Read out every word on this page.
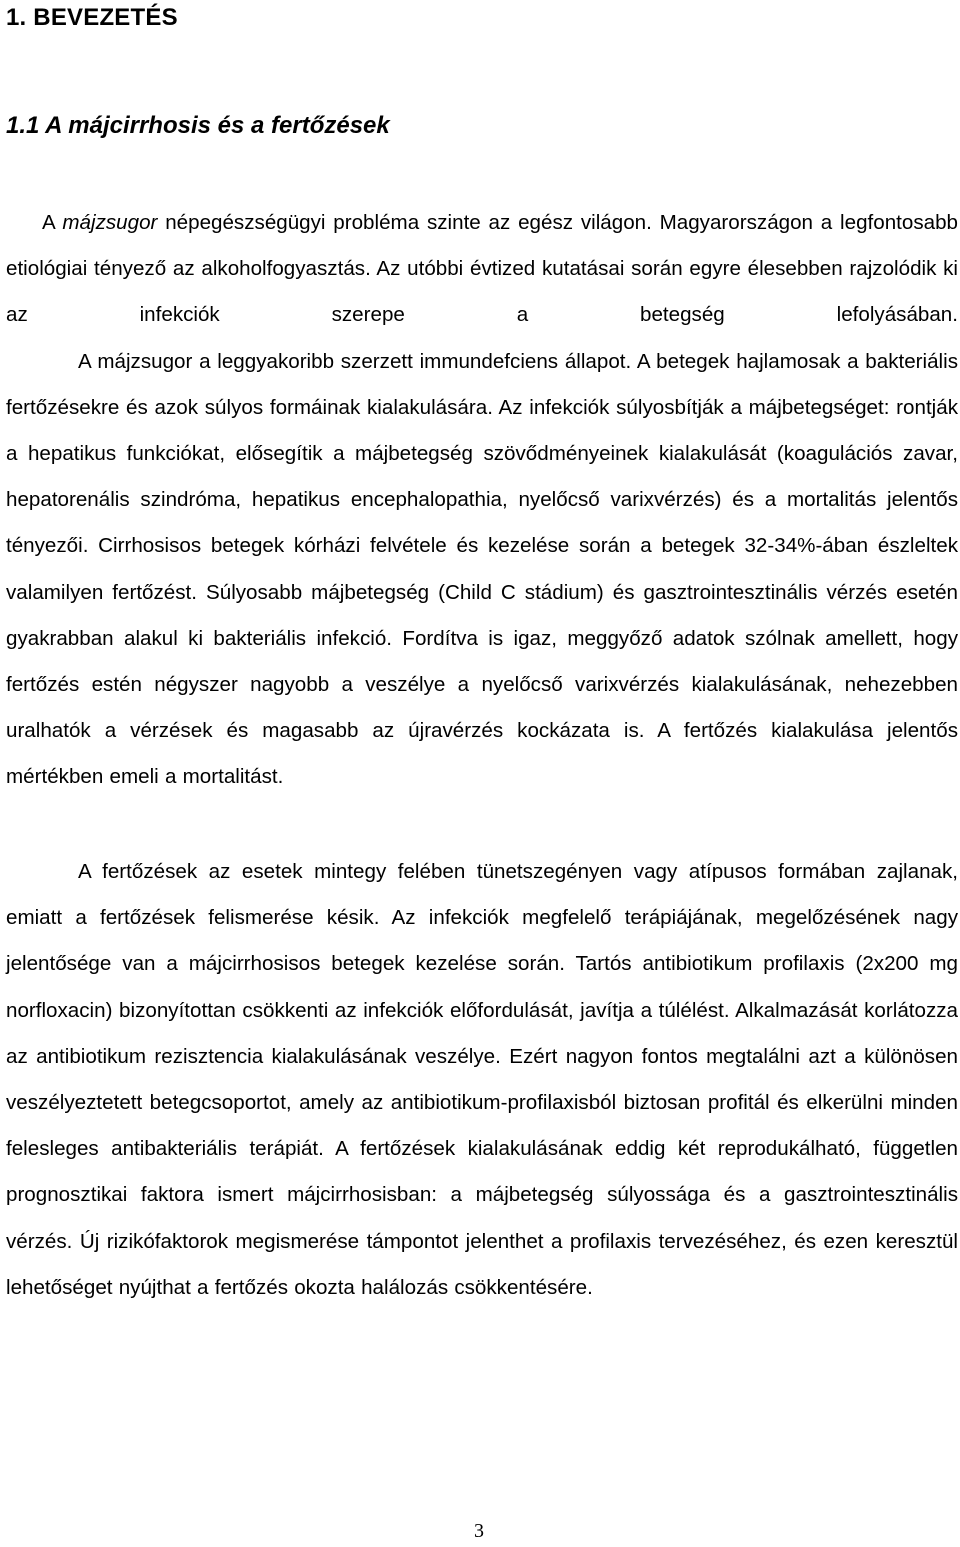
1. BEVEZETÉS
1.1 A májcirrhosis és a fertőzések

A májzsugor népegészségügyi probléma szinte az egész világon. Magyarországon a legfontosabb etiológiai tényező az alkoholfogyasztás. Az utóbbi évtized kutatásai során egyre élesebben rajzolódik ki az infekciók szerepe a betegség lefolyásában.

A májzsugor a leggyakoribb szerzett immundefciens állapot. A betegek hajlamosak a bakteriális fertőzésekre és azok súlyos formáinak kialakulására. Az infekciók súlyosbítják a májbetegséget: rontják a hepatikus funkciókat, elősegítik a májbetegség szövődményeinek kialakulását (koagulációs zavar, hepatorenális szindróma, hepatikus encephalopathia, nyelőcső varixvérzés) és a mortalitás jelentős tényezői. Cirrhosisos betegek kórházi felvétele és kezelése során a betegek 32-34%-ában észleltek valamilyen fertőzést. Súlyosabb májbetegség (Child C stádium) és gasztrointesztinális vérzés esetén gyakrabban alakul ki bakteriális infekció. Fordítva is igaz, meggyőző adatok szólnak amellett, hogy fertőzés estén négyszer nagyobb a veszélye a nyelőcső varixvérzés kialakulásának, nehezebben uralhatók a vérzések és magasabb az újravérzés kockázata is. A fertőzés kialakulása jelentős mértékben emeli a mortalitást.

A fertőzések az esetek mintegy felében tünetszegényen vagy atípusos formában zajlanak, emiatt a fertőzések felismerése késik. Az infekciók megfelelő terápiájának, megelőzésének nagy jelentősége van a májcirrhosisos betegek kezelése során. Tartós antibiotikum profilaxis (2x200 mg norfloxacin) bizonyítottan csökkenti az infekciók előfordulását, javítja a túlélést. Alkalmazását korlátozza az antibiotikum rezisztencia kialakulásának veszélye. Ezért nagyon fontos megtalálni azt a különösen veszélyeztetett betegcsoportot, amely az antibiotikum-profilaxisból biztosan profitál és elkerülni minden felesleges antibakteriális terápiát. A fertőzések kialakulásának eddig két reprodukálható, független prognosztikai faktora ismert májcirrhosisban: a májbetegség súlyossága és a gasztrointesztinális vérzés. Új rizikófaktorok megismerése támpontot jelenthet a profilaxis tervezéséhez, és ezen keresztül lehetőséget nyújthat a fertőzés okozta halálozás csökkentésére.

3
